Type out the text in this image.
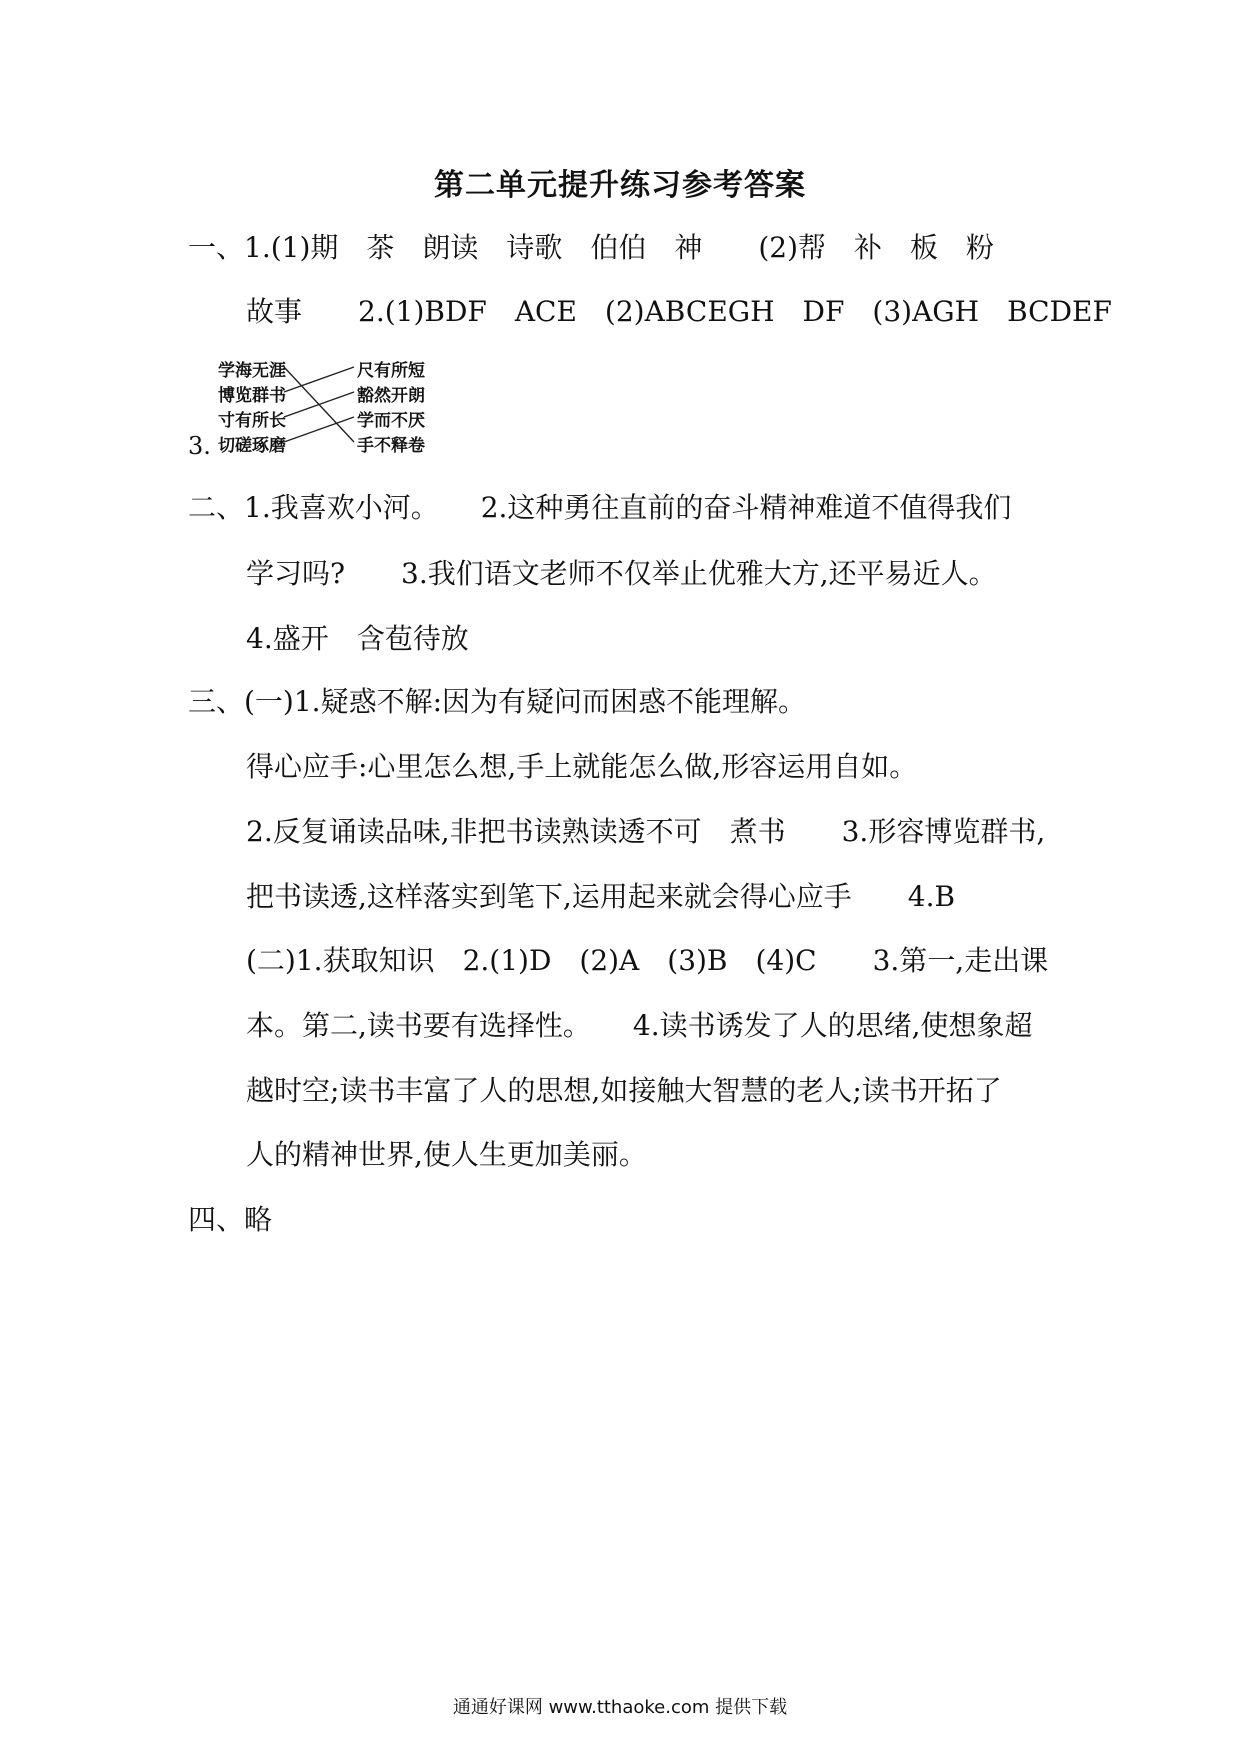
第二单元提升练习参考答案
一、1.(1)期　茶　朗读　诗歌　伯伯　神　　(2)帮　补　板　粉
故事　　2.(1)BDF　ACE　(2)ABCEGH　DF　(3)AGH　BCDEF
3.
学海无涯
博览群书
寸有所长
切磋琢磨
尺有所短
豁然开朗
学而不厌
手不释卷
二、1.我喜欢小河。　　2.这种勇往直前的奋斗精神难道不值得我们
学习吗?　　3.我们语文老师不仅举止优雅大方,还平易近人。
4.盛开　含苞待放
三、(一)1.疑惑不解:因为有疑问而困惑不能理解。
得心应手:心里怎么想,手上就能怎么做,形容运用自如。
2.反复诵读品味,非把书读熟读透不可　煮书　　3.形容博览群书,
把书读透,这样落实到笔下,运用起来就会得心应手　　4.B
(二)1.获取知识　2.(1)D　(2)A　(3)B　(4)C　　3.第一,走出课
本。第二,读书要有选择性。　　4.读书诱发了人的思绪,使想象超
越时空;读书丰富了人的思想,如接触大智慧的老人;读书开拓了
人的精神世界,使人生更加美丽。
四、略
通通好课网 www.tthaoke.com 提供下载
